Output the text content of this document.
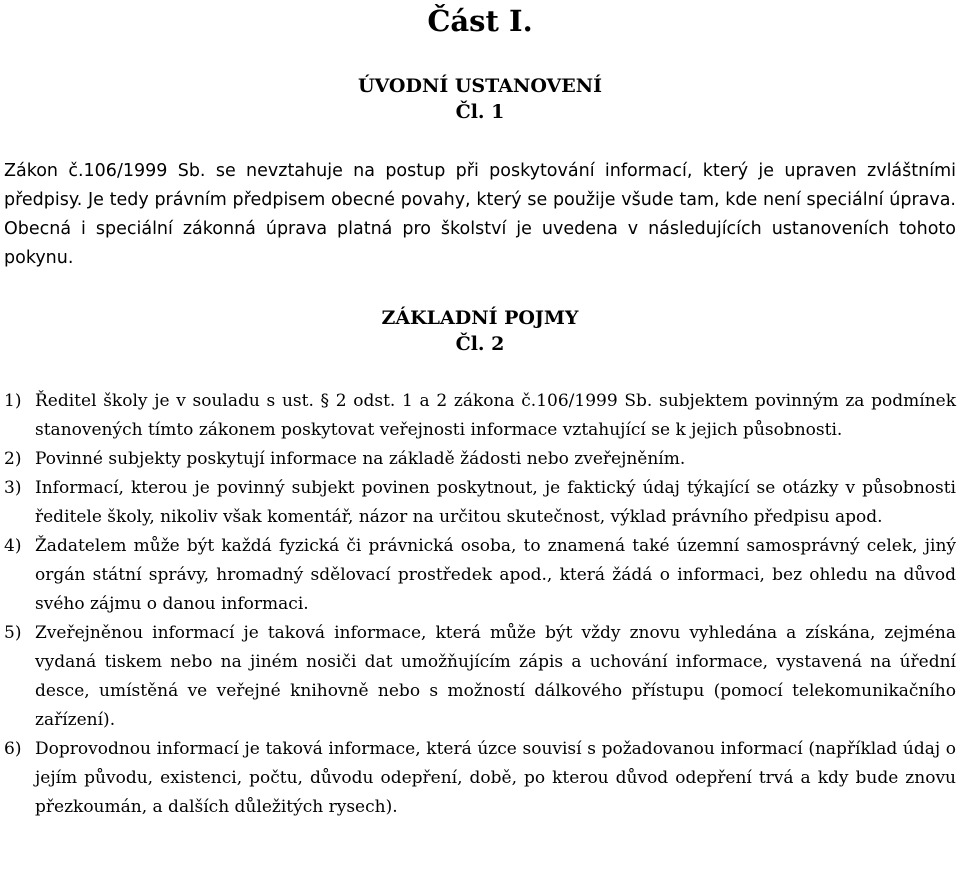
Část I.
ÚVODNÍ USTANOVENÍ
Čl. 1

Zákon č.106/1999 Sb. se nevztahuje na postup při poskytování informací, který je upraven zvláštními předpisy. Je tedy právním předpisem obecné povahy, který se použije všude tam, kde není speciální úprava. Obecná i speciální zákonná úprava platná pro školství je uvedena v následujících ustanoveních tohoto pokynu.

ZÁKLADNÍ POJMY
Čl. 2
1) Ředitel školy je v souladu s ust. § 2 odst. 1 a 2 zákona č.106/1999 Sb. subjektem povinným za podmínek stanovených tímto zákonem poskytovat veřejnosti informace vztahující se k jejich působnosti.
2) Povinné subjekty poskytují informace na základě žádosti nebo zveřejněním.
3) Informací, kterou je povinný subjekt povinen poskytnout, je faktický údaj týkající se otázky v působnosti ředitele školy, nikoliv však komentář, názor na určitou skutečnost, výklad právního předpisu apod.
4) Žadatelem může být každá fyzická či právnická osoba, to znamená také územní samosprávný celek, jiný orgán státní správy, hromadný sdělovací prostředek apod., která žádá o informaci, bez ohledu na důvod svého zájmu o danou informaci.
5) Zveřejněnou informací je taková informace, která může být vždy znovu vyhledána a získána, zejména vydaná tiskem nebo na jiném nosiči dat umožňujícím zápis a uchování informace, vystavená na úřední desce, umístěná ve veřejné knihovně nebo s možností dálkového přístupu (pomocí telekomunikačního zařízení).
6) Doprovodnou informací je taková informace, která úzce souvisí s požadovanou informací (například údaj o jejím původu, existenci, počtu, důvodu odepření, době, po kterou důvod odepření trvá a kdy bude znovu přezkoumán, a dalších důležitých rysech).
